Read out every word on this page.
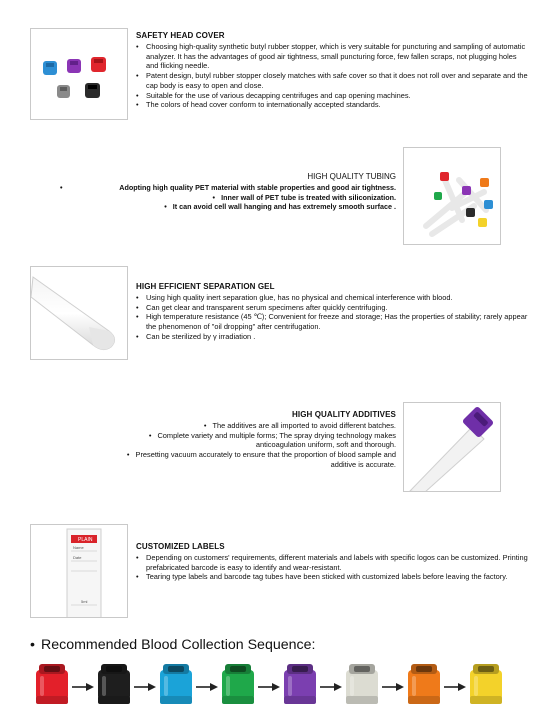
SAFETY HEAD COVER
• Choosing high-quality synthetic butyl rubber stopper, which is very suitable for puncturing and sampling of automatic analyzer. It has the advantages of good air tightness, small puncturing force, few fallen scraps, not plugging holes and flicking needle.
• Patent design, butyl rubber stopper closely matches with safe cover so that it does not roll over and separate and the cap body is easy to open and close.
• Suitable for the use of various decapping centrifuges and cap opening machines.
• The colors of head cover conform to internationally accepted standards.
HIGH QUALITY TUBING
• Adopting high quality PET material with stable properties and good air tightness.
• Inner wall of PET tube is treated with siliconization.
• It can avoid cell wall hanging and has extremely smooth surface .
HIGH EFFICIENT SEPARATION GEL
• Using high quality inert separation glue, has no physical and chemical interference with blood.
• Can get clear and transparent serum specimens after quickly centrifuging.
• High temperature resistance (45 ℃); Convenient for freeze and storage; Has the properties of stability; rarely appear the phenomenon of "oil dropping" after centrifugation.
• Can be sterilized by γ irradiation .
HIGH QUALITY ADDITIVES
• The additives are all imported to avoid different batches.
• Complete variety and multiple forms; The spray drying technology makes anticoagulation uniform, soft and thorough.
• Presetting vacuum accurately to ensure that the proportion of blood sample and additive is accurate.
PLAIN
Name
Date
5ml
CUSTOMIZED LABELS
• Depending on customers' requirements, different materials and labels with specific logos can be customized. Printing prefabricated barcode is easy to identify and wear-resistant.
• Tearing type labels and barcode tag tubes have been sticked with customized labels before leaving the factory.
• Recommended Blood Collection Sequence:
